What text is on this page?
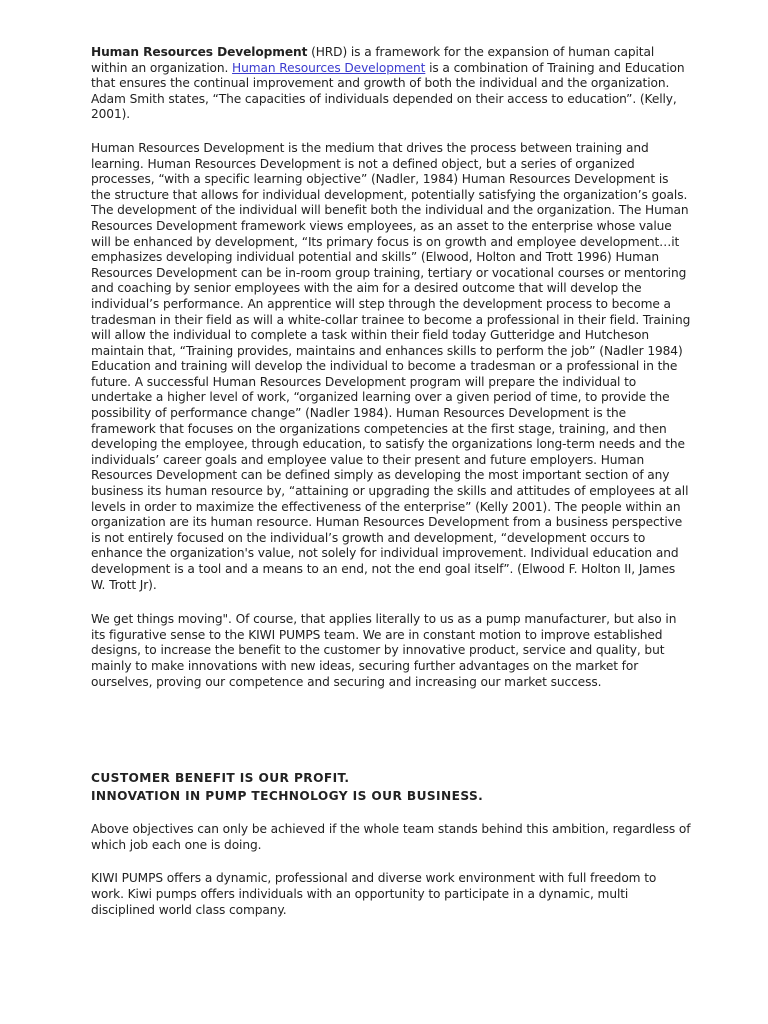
Human Resources Development (HRD) is a framework for the expansion of human capital within an organization. Human Resources Development is a combination of Training and Education that ensures the continual improvement and growth of both the individual and the organization. Adam Smith states, “The capacities of individuals depended on their access to education”. (Kelly, 2001).

Human Resources Development is the medium that drives the process between training and learning. Human Resources Development is not a defined object, but a series of organized processes, “with a specific learning objective” (Nadler, 1984) Human Resources Development is the structure that allows for individual development, potentially satisfying the organization’s goals. The development of the individual will benefit both the individual and the organization. The Human Resources Development framework views employees, as an asset to the enterprise whose value will be enhanced by development, “Its primary focus is on growth and employee development…it emphasizes developing individual potential and skills” (Elwood, Holton and Trott 1996) Human Resources Development can be in-room group training, tertiary or vocational courses or mentoring and coaching by senior employees with the aim for a desired outcome that will develop the individual’s performance. An apprentice will step through the development process to become a tradesman in their field as will a white-collar trainee to become a professional in their field. Training will allow the individual to complete a task within their field today Gutteridge and Hutcheson maintain that, “Training provides, maintains and enhances skills to perform the job” (Nadler 1984) Education and training will develop the individual to become a tradesman or a professional in the future. A successful Human Resources Development program will prepare the individual to undertake a higher level of work, “organized learning over a given period of time, to provide the possibility of performance change” (Nadler 1984). Human Resources Development is the framework that focuses on the organizations competencies at the first stage, training, and then developing the employee, through education, to satisfy the organizations long-term needs and the individuals’ career goals and employee value to their present and future employers. Human Resources Development can be defined simply as developing the most important section of any business its human resource by, “attaining or upgrading the skills and attitudes of employees at all levels in order to maximize the effectiveness of the enterprise” (Kelly 2001). The people within an organization are its human resource. Human Resources Development from a business perspective is not entirely focused on the individual’s growth and development, “development occurs to enhance the organization's value, not solely for individual improvement. Individual education and development is a tool and a means to an end, not the end goal itself”. (Elwood F. Holton II, James W. Trott Jr).

We get things moving". Of course, that applies literally to us as a pump manufacturer, but also in its figurative sense to the KIWI PUMPS team. We are in constant motion to improve established designs, to increase the benefit to the customer by innovative product, service and quality, but mainly to make innovations with new ideas, securing further advantages on the market for ourselves, proving our competence and securing and increasing our market success.

CUSTOMER BENEFIT IS OUR PROFIT.
INNOVATION IN PUMP TECHNOLOGY IS OUR BUSINESS.

Above objectives can only be achieved if the whole team stands behind this ambition, regardless of which job each one is doing.

KIWI PUMPS offers a dynamic, professional and diverse work environment with full freedom to work. Kiwi pumps offers individuals with an opportunity to participate in a dynamic, multi disciplined world class company.
